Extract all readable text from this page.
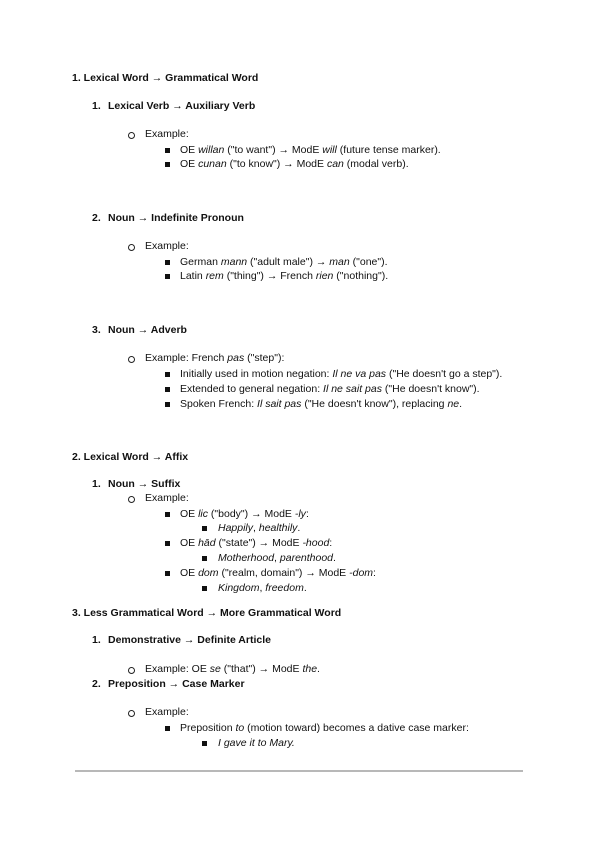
1. Lexical Word → Grammatical Word
1. Lexical Verb → Auxiliary Verb
Example:
OE willan ("to want") → ModE will (future tense marker).
OE cunan ("to know") → ModE can (modal verb).
2. Noun → Indefinite Pronoun
Example:
German mann ("adult male") → man ("one").
Latin rem ("thing") → French rien ("nothing").
3. Noun → Adverb
Example: French pas ("step"):
Initially used in motion negation: Il ne va pas ("He doesn't go a step").
Extended to general negation: Il ne sait pas ("He doesn't know").
Spoken French: Il sait pas ("He doesn't know"), replacing ne.
2. Lexical Word → Affix
1. Noun → Suffix
Example:
OE lic ("body") → ModE -ly:
Happily, healthily.
OE hād ("state") → ModE -hood:
Motherhood, parenthood.
OE dom ("realm, domain") → ModE -dom:
Kingdom, freedom.
3. Less Grammatical Word → More Grammatical Word
1. Demonstrative → Definite Article
Example: OE se ("that") → ModE the.
2. Preposition → Case Marker
Example:
Preposition to (motion toward) becomes a dative case marker:
I gave it to Mary.
